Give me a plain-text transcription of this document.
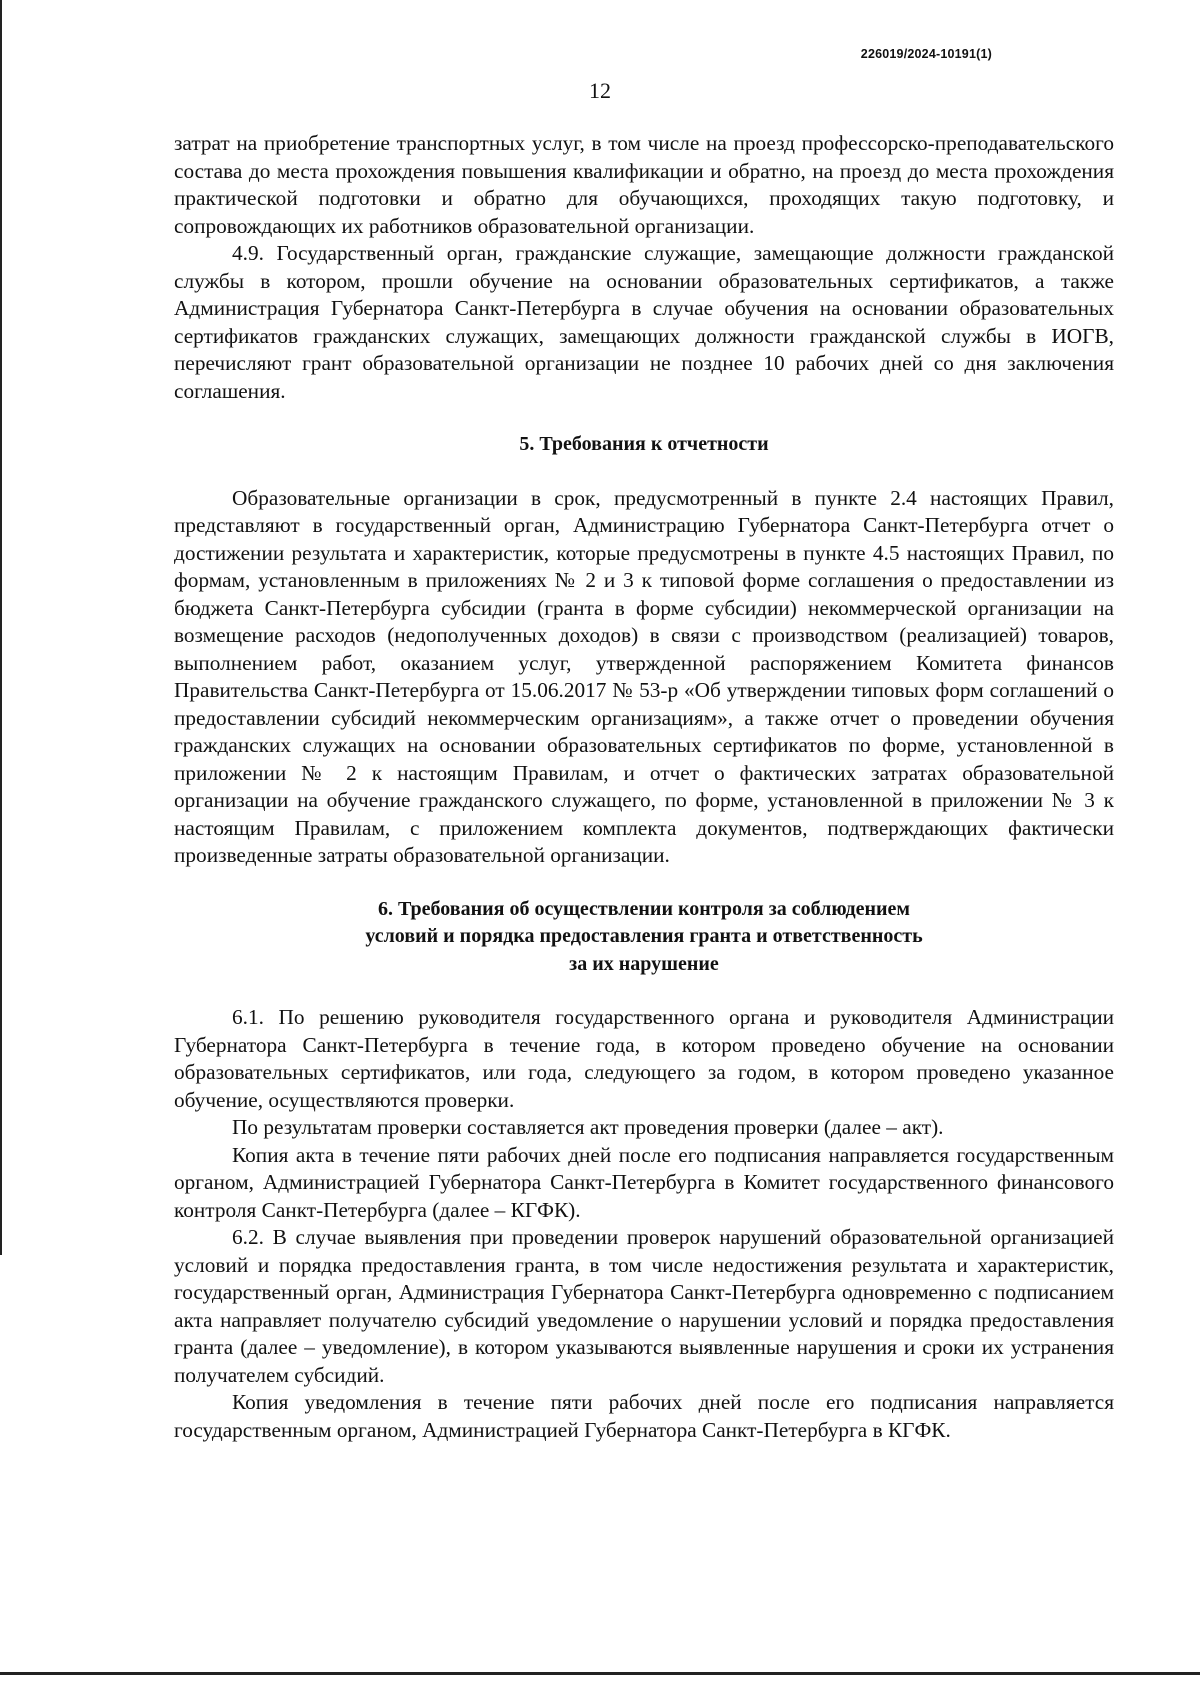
226019/2024-10191(1)
12

затрат на приобретение транспортных услуг, в том числе на проезд профессорско-преподавательского состава до места прохождения повышения квалификации и обратно, на проезд до места прохождения практической подготовки и обратно для обучающихся, проходящих такую подготовку, и сопровождающих их работников образовательной организации.

4.9. Государственный орган, гражданские служащие, замещающие должности гражданской службы в котором, прошли обучение на основании образовательных сертификатов, а также Администрация Губернатора Санкт-Петербурга в случае обучения на основании образовательных сертификатов гражданских служащих, замещающих должности гражданской службы в ИОГВ, перечисляют грант образовательной организации не позднее 10 рабочих дней со дня заключения соглашения.

5. Требования к отчетности

Образовательные организации в срок, предусмотренный в пункте 2.4 настоящих Правил, представляют в государственный орган, Администрацию Губернатора Санкт-Петербурга отчет о достижении результата и характеристик, которые предусмотрены в пункте 4.5 настоящих Правил, по формам, установленным в приложениях № 2 и 3 к типовой форме соглашения о предоставлении из бюджета Санкт-Петербурга субсидии (гранта в форме субсидии) некоммерческой организации на возмещение расходов (недополученных доходов) в связи с производством (реализацией) товаров, выполнением работ, оказанием услуг, утвержденной распоряжением Комитета финансов Правительства Санкт-Петербурга от 15.06.2017 № 53-р «Об утверждении типовых форм соглашений о предоставлении субсидий некоммерческим организациям», а также отчет о проведении обучения гражданских служащих на основании образовательных сертификатов по форме, установленной в приложении № 2 к настоящим Правилам, и отчет о фактических затратах образовательной организации на обучение гражданского служащего, по форме, установленной в приложении № 3 к настоящим Правилам, с приложением комплекта документов, подтверждающих фактически произведенные затраты образовательной организации.

6. Требования об осуществлении контроля за соблюдением
условий и порядка предоставления гранта и ответственность
за их нарушение

6.1. По решению руководителя государственного органа и руководителя Администрации Губернатора Санкт-Петербурга в течение года, в котором проведено обучение на основании образовательных сертификатов, или года, следующего за годом, в котором проведено указанное обучение, осуществляются проверки.

По результатам проверки составляется акт проведения проверки (далее – акт).

Копия акта в течение пяти рабочих дней после его подписания направляется государственным органом, Администрацией Губернатора Санкт-Петербурга в Комитет государственного финансового контроля Санкт-Петербурга (далее – КГФК).

6.2. В случае выявления при проведении проверок нарушений образовательной организацией условий и порядка предоставления гранта, в том числе недостижения результата и характеристик, государственный орган, Администрация Губернатора Санкт-Петербурга одновременно с подписанием акта направляет получателю субсидий уведомление о нарушении условий и порядка предоставления гранта (далее – уведомление), в котором указываются выявленные нарушения и сроки их устранения получателем субсидий.

Копия уведомления в течение пяти рабочих дней после его подписания направляется государственным органом, Администрацией Губернатора Санкт-Петербурга в КГФК.
